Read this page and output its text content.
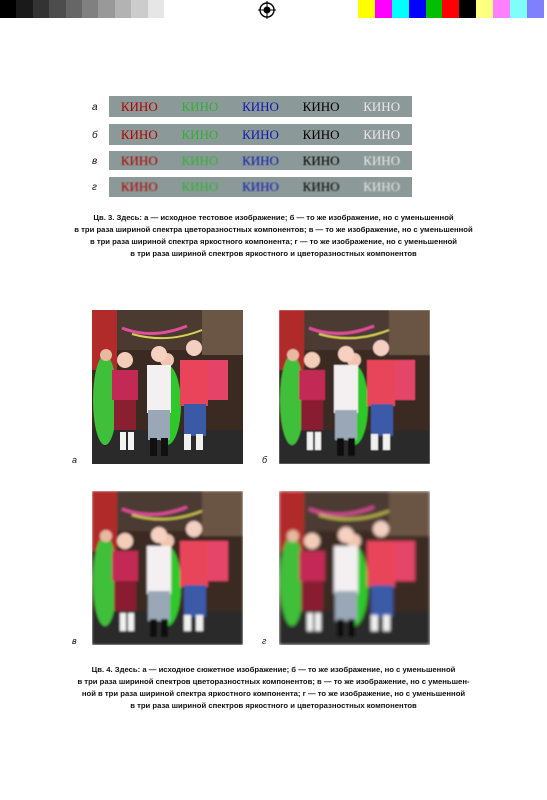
а
б
в
г
КИНО КИНО КИНО КИНО КИНО
КИНО КИНО КИНО КИНО КИНО
КИНО КИНО КИНО КИНО КИНО
КИНО КИНО КИНО КИНО КИНО

Цв. 3. Здесь: а — исходное тестовое изображение; б — то же изображение, но с уменьшенной

в три раза шириной спектра цветоразностных компонентов; в — то же изображение, но с уменьшенной

в три раза шириной спектра яркостного компонента; г — то же изображение, но с уменьшенной

в три раза шириной спектров яркостного и цветоразностных компонентов

а	б
в	г

Цв. 4. Здесь: а — исходное сюжетное изображение; б — то же изображение, но с уменьшенной

в три раза шириной спектров цветоразностных компонентов; в — то же изображение, но с уменьшен-

ной в три раза шириной спектра яркостного компонента; г — то же изображение, но с уменьшенной

в три раза шириной спектров яркостного и цветоразностных компонентов
